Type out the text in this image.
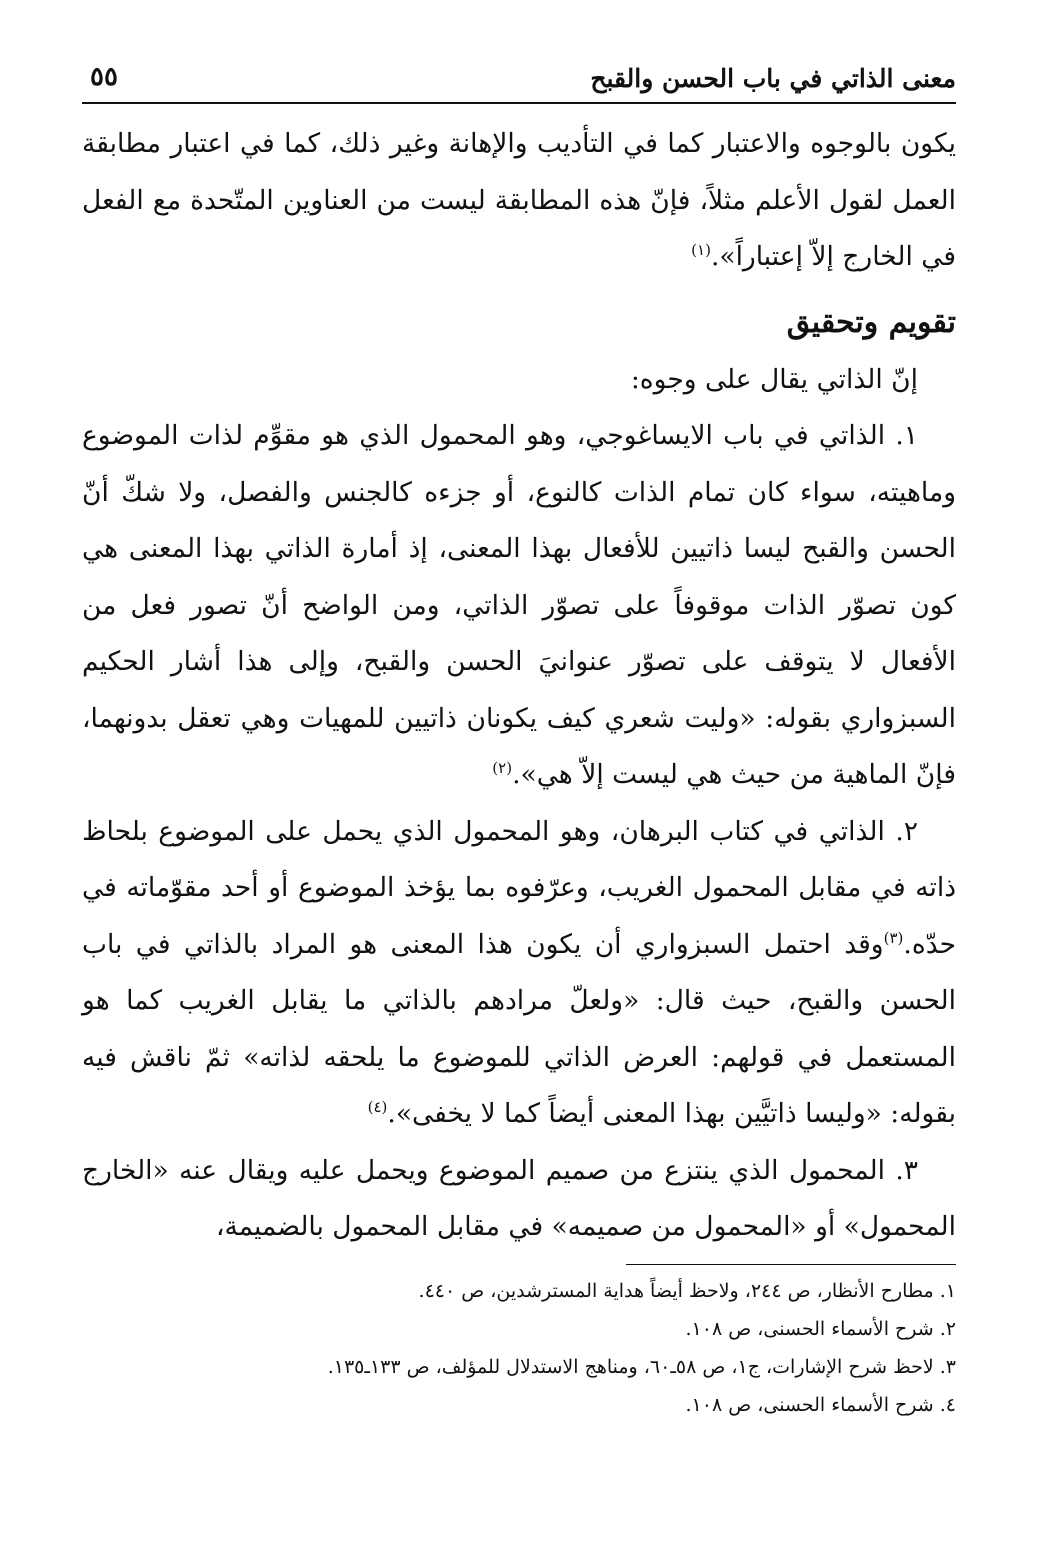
معنى الذاتي في باب الحسن والقبح
٥٥

يكون بالوجوه والاعتبار كما في التأديب والإهانة وغير ذلك، كما في اعتبار مطابقة العمل لقول الأعلم مثلاً، فإنّ هذه المطابقة ليست من العناوين المتّحدة مع الفعل في الخارج إلاّ إعتباراً».$^{(١)}$

تقويم وتحقيق

إنّ الذاتي يقال على وجوه:

١. الذاتي في باب الايساغوجي، وهو المحمول الذي هو مقوِّم لذات الموضوع وماهيته، سواء كان تمام الذات كالنوع، أو جزءه كالجنس والفصل، ولا شكّ أنّ الحسن والقبح ليسا ذاتيين للأفعال بهذا المعنى، إذ أمارة الذاتي بهذا المعنى هي كون تصوّر الذات موقوفاً على تصوّر الذاتي، ومن الواضح أنّ تصور فعل من الأفعال لا يتوقف على تصوّر عنوانيَ الحسن والقبح، وإلى هذا أشار الحكيم السبزواري بقوله: «وليت شعري كيف يكونان ذاتيين للمهيات وهي تعقل بدونهما، فإنّ الماهية من حيث هي ليست إلاّ هي».$^{(٢)}$

٢. الذاتي في كتاب البرهان، وهو المحمول الذي يحمل على الموضوع بلحاظ ذاته في مقابل المحمول الغريب، وعرّفوه بما يؤخذ الموضوع أو أحد مقوّماته في حدّه.$^{(٣)}$وقد احتمل السبزواري أن يكون هذا المعنى هو المراد بالذاتي في باب الحسن والقبح، حيث قال: «ولعلّ مرادهم بالذاتي ما يقابل الغريب كما هو المستعمل في قولهم: العرض الذاتي للموضوع ما يلحقه لذاته» ثمّ ناقش فيه بقوله: «وليسا ذاتيَّين بهذا المعنى أيضاً كما لا يخفى».$^{(٤)}$

٣. المحمول الذي ينتزع من صميم الموضوع ويحمل عليه ويقال عنه «الخارج المحمول» أو «المحمول من صميمه» في مقابل المحمول بالضميمة،

١. مطارح الأنظار، ص ٢٤٤، ولاحظ أيضاً هداية المسترشدين، ص ٤٤٠.

٢. شرح الأسماء الحسنى، ص ١٠٨.

٣. لاحظ شرح الإشارات، ج١، ص ٥٨ـ٦٠، ومناهج الاستدلال للمؤلف، ص ١٣٣ـ١٣٥.

٤. شرح الأسماء الحسنى، ص ١٠٨.
